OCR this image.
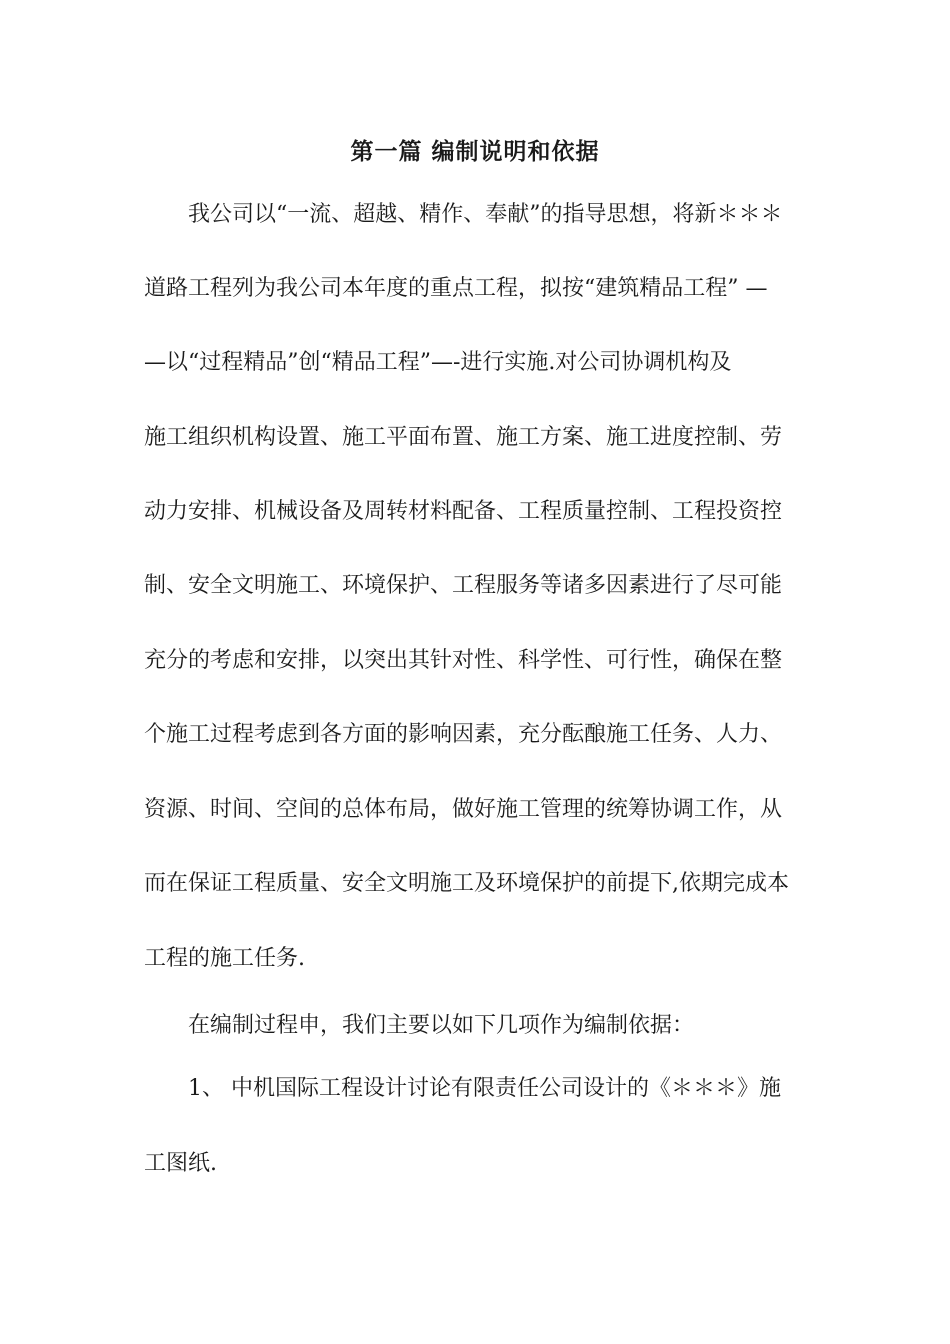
第一篇 编制说明和依据
我公司以“一流、超越、精作、奉献”的指导思想，将新＊＊＊
道路工程列为我公司本年度的重点工程，拟按“建筑精品工程” —
—以“过程精品”创“精品工程”—-进行实施.对公司协调机构及
施工组织机构设置、施工平面布置、施工方案、施工进度控制、劳
动力安排、机械设备及周转材料配备、工程质量控制、工程投资控
制、安全文明施工、环境保护、工程服务等诸多因素进行了尽可能
充分的考虑和安排，以突出其针对性、科学性、可行性，确保在整
个施工过程考虑到各方面的影响因素，充分酝酿施工任务、人力、
资源、时间、空间的总体布局，做好施工管理的统筹协调工作，从
而在保证工程质量、安全文明施工及环境保护的前提下,依期完成本
工程的施工任务.
在编制过程申，我们主要以如下几项作为编制依据：
1、 中机国际工程设计讨论有限责任公司设计的《＊＊＊》施
工图纸.
